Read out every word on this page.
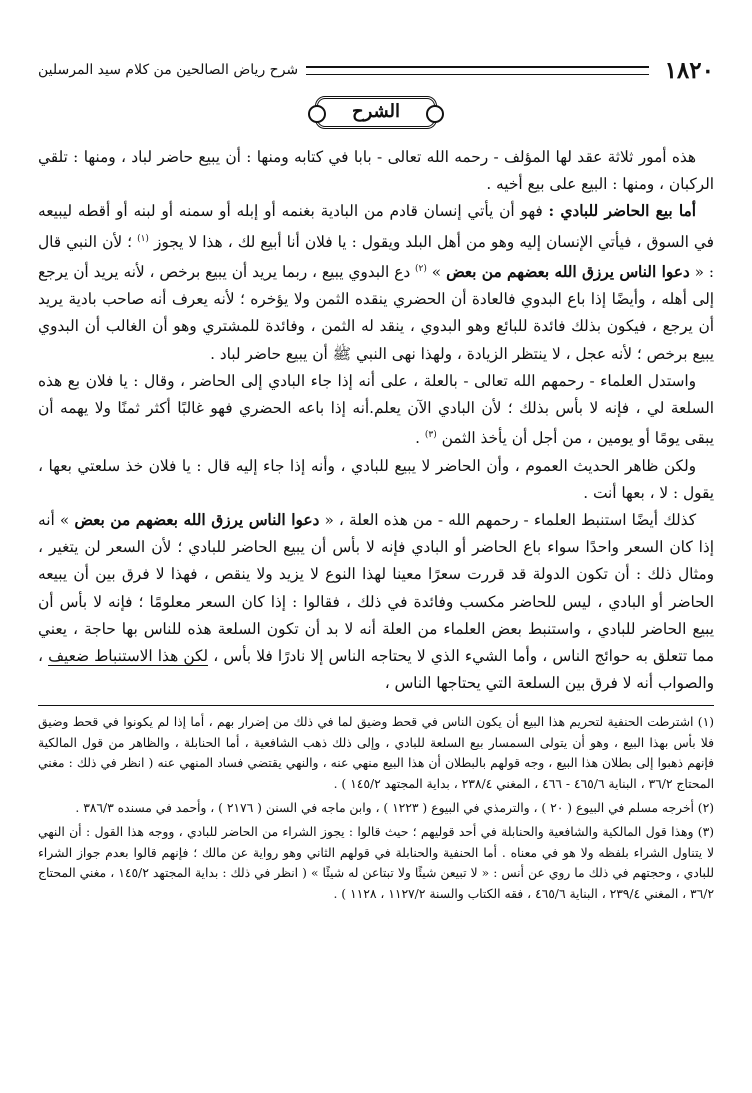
١٨٢٠
شرح رياض الصالحين من كلام سيد المرسلين
الشرح

هذه أمور ثلاثة عقد لها المؤلف - رحمه الله تعالى - بابا في كتابه ومنها : أن يبيع حاضر لباد ، ومنها : تلقي الركبان ، ومنها : البيع على بيع أخيه .

أما بيع الحاضر للبادي : فهو أن يأتي إنسان قادم من البادية بغنمه أو إبله أو سمنه أو لبنه أو أقطه ليبيعه في السوق ، فيأتي الإنسان إليه وهو من أهل البلد ويقول : يا فلان أنا أبيع لك ، هذا لا يجوز $^{(١)}$ ؛ لأن النبي قال : « دعوا الناس يرزق الله بعضهم من بعض » $^{(٢)}$ دع البدوي يبيع ، ربما يريد أن يبيع برخص ، لأنه يريد أن يرجع إلى أهله ، وأيضًا إذا باع البدوي فالعادة أن الحضري ينقده الثمن ولا يؤخره ؛ لأنه يعرف أنه صاحب بادية يريد أن يرجع ، فيكون بذلك فائدة للبائع وهو البدوي ، ينقد له الثمن ، وفائدة للمشتري وهو أن الغالب أن البدوي يبيع برخص ؛ لأنه عجل ، لا ينتظر الزيادة ، ولهذا نهى النبي ﷺ أن يبيع حاضر لباد .

واستدل العلماء - رحمهم الله تعالى - بالعلة ، على أنه إذا جاء البادي إلى الحاضر ، وقال : يا فلان بع هذه السلعة لي ، فإنه لا بأس بذلك ؛ لأن البادي الآن يعلم.أنه إذا باعه الحضري فهو غالبًا أكثر ثمنًا ولا يهمه أن يبقى يومًا أو يومين ، من أجل أن يأخذ الثمن $^{(٣)}$ .

ولكن ظاهر الحديث العموم ، وأن الحاضر لا يبيع للبادي ، وأنه إذا جاء إليه قال : يا فلان خذ سلعتي بعها ، يقول : لا ، بعها أنت .

كذلك أيضًا استنبط العلماء - رحمهم الله - من هذه العلة ، « دعوا الناس يرزق الله بعضهم من بعض » أنه إذا كان السعر واحدًا سواء باع الحاضر أو البادي فإنه لا بأس أن يبيع الحاضر للبادي ؛ لأن السعر لن يتغير ، ومثال ذلك : أن تكون الدولة قد قررت سعرًا معينا لهذا النوع لا يزيد ولا ينقص ، فهذا لا فرق بين أن يبيعه الحاضر أو البادي ، ليس للحاضر مكسب وفائدة في ذلك ، فقالوا : إذا كان السعر معلومًا ؛ فإنه لا بأس أن يبيع الحاضر للبادي ، واستنبط بعض العلماء من العلة أنه لا بد أن تكون السلعة هذه للناس بها حاجة ، يعني مما تتعلق به حوائج الناس ، وأما الشيء الذي لا يحتاجه الناس إلا نادرًا فلا بأس ، لكن هذا الاستنباط ضعيف ، والصواب أنه لا فرق بين السلعة التي يحتاجها الناس ،

(١) اشترطت الحنفية لتحريم هذا البيع أن يكون الناس في قحط وضيق لما في ذلك من إضرار بهم ، أما إذا لم يكونوا في قحط وضيق فلا بأس بهذا البيع ، وهو أن يتولى السمسار بيع السلعة للبادي ، وإلى ذلك ذهب الشافعية ، أما الحنابلة ، والظاهر من قول المالكية فإنهم ذهبوا إلى بطلان هذا البيع ، وجه قولهم بالبطلان أن هذا البيع منهي عنه ، والنهي يقتضي فساد المنهي عنه ( انظر في ذلك : مغني المحتاج ٣٦/٢ ، البناية ٤٦٥/٦ - ٤٦٦ ، المغني ٢٣٨/٤ ، بداية المجتهد ١٤٥/٢ ) .

(٢) أخرجه مسلم في البيوع ( ٢٠ ) ، والترمذي في البيوع ( ١٢٢٣ ) ، وابن ماجه في السنن ( ٢١٧٦ ) ، وأحمد في مسنده ٣٨٦/٣ .

(٣) وهذا قول المالكية والشافعية والحنابلة في أحد قوليهم ؛ حيث قالوا : يجوز الشراء من الحاضر للبادي ، ووجه هذا القول : أن النهي لا يتناول الشراء بلفظه ولا هو في معناه . أما الحنفية والحنابلة في قولهم الثاني وهو رواية عن مالك ؛ فإنهم قالوا بعدم جواز الشراء للبادي ، وحجتهم في ذلك ما روي عن أنس : « لا تبيعن شيئًا ولا تبتاعن له شيئًا » ( انظر في ذلك : بداية المجتهد ١٤٥/٢ ، مغني المحتاج ٣٦/٢ ، المغني ٢٣٩/٤ ، البناية ٤٦٥/٦ ، فقه الكتاب والسنة ١١٢٧/٢ ، ١١٢٨ ) .
